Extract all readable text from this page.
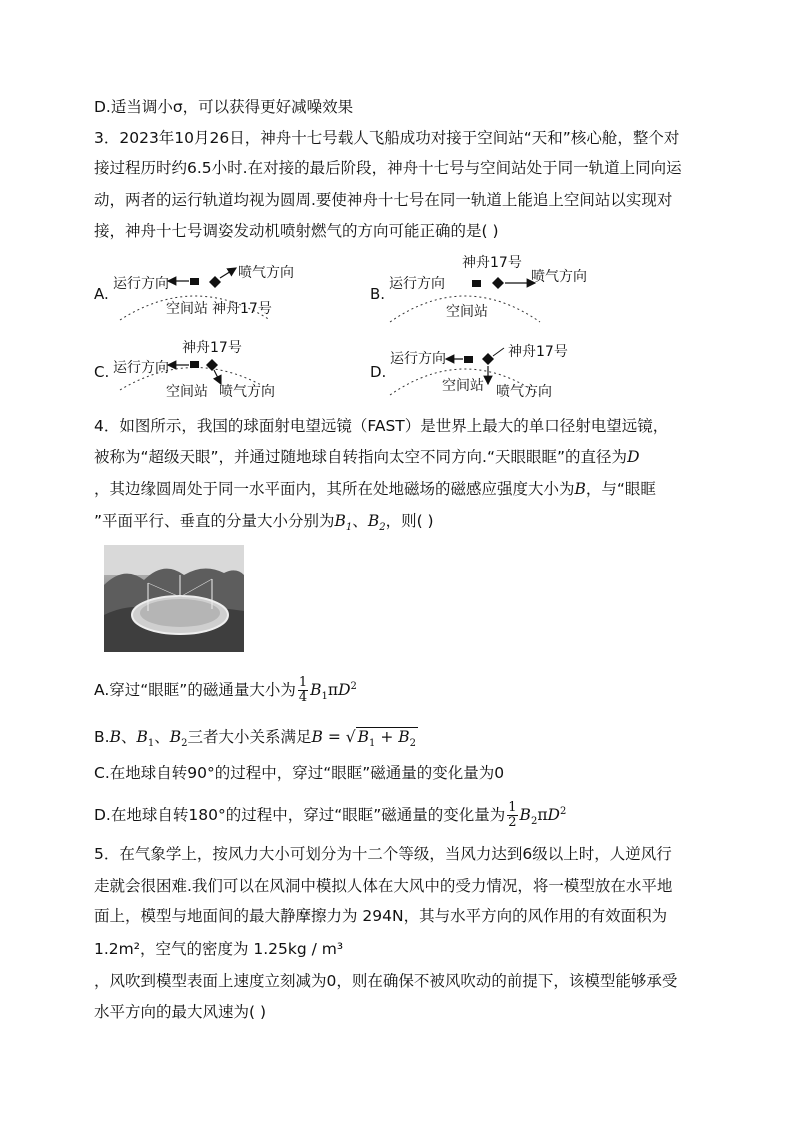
D.适当调小σ，可以获得更好减噪效果
3．2023年10月26日，神舟十七号载人飞船成功对接于空间站“天和”核心舱，整个对
接过程历时约6.5小时.在对接的最后阶段，神舟十七号与空间站处于同一轨道上同向运
动，两者的运行轨道均视为圆周.要使神舟十七号在同一轨道上能追上空间站以实现对
接，神舟十七号调姿发动机喷射燃气的方向可能正确的是( )
A.
运行方向
喷气方向
空间站 神舟17号
B.
神舟17号
运行方向	喷气方向
空间站
C.
神舟17号
运行方向
空间站 喷气方向
D.
运行方向	神舟17号
空间站 喷气方向
4．如图所示，我国的球面射电望远镜（FAST）是世界上最大的单口径射电望远镜，
被称为“超级天眼”，并通过随地球自转指向太空不同方向.“天眼眼眶”的直径为D
，其边缘圆周处于同一水平面内，其所在处地磁场的磁感应强度大小为B，与“眼眶
”平面平行、垂直的分量大小分别为$B_1$、$B_2$，则( )
A.穿过“眼眶”的磁通量大小为 $\frac{1}{4} B_1\pi D^2$
B.B、$B_1$、$B_2$三者大小关系满足B = √ $B_1 + B_2$
C.在地球自转90°的过程中，穿过“眼眶”磁通量的变化量为0
D.在地球自转180°的过程中，穿过“眼眶”磁通量的变化量为 $\frac{1}{2} B_2\pi D^2$
5．在气象学上，按风力大小可划分为十二个等级，当风力达到6级以上时，人逆风行
走就会很困难.我们可以在风洞中模拟人体在大风中的受力情况，将一模型放在水平地
面上，模型与地面间的最大静摩擦力为 294N，其与水平方向的风作用的有效面积为
1.2m²，空气的密度为 1.25kg / m³
，风吹到模型表面上速度立刻减为0，则在确保不被风吹动的前提下，该模型能够承受
水平方向的最大风速为( )
